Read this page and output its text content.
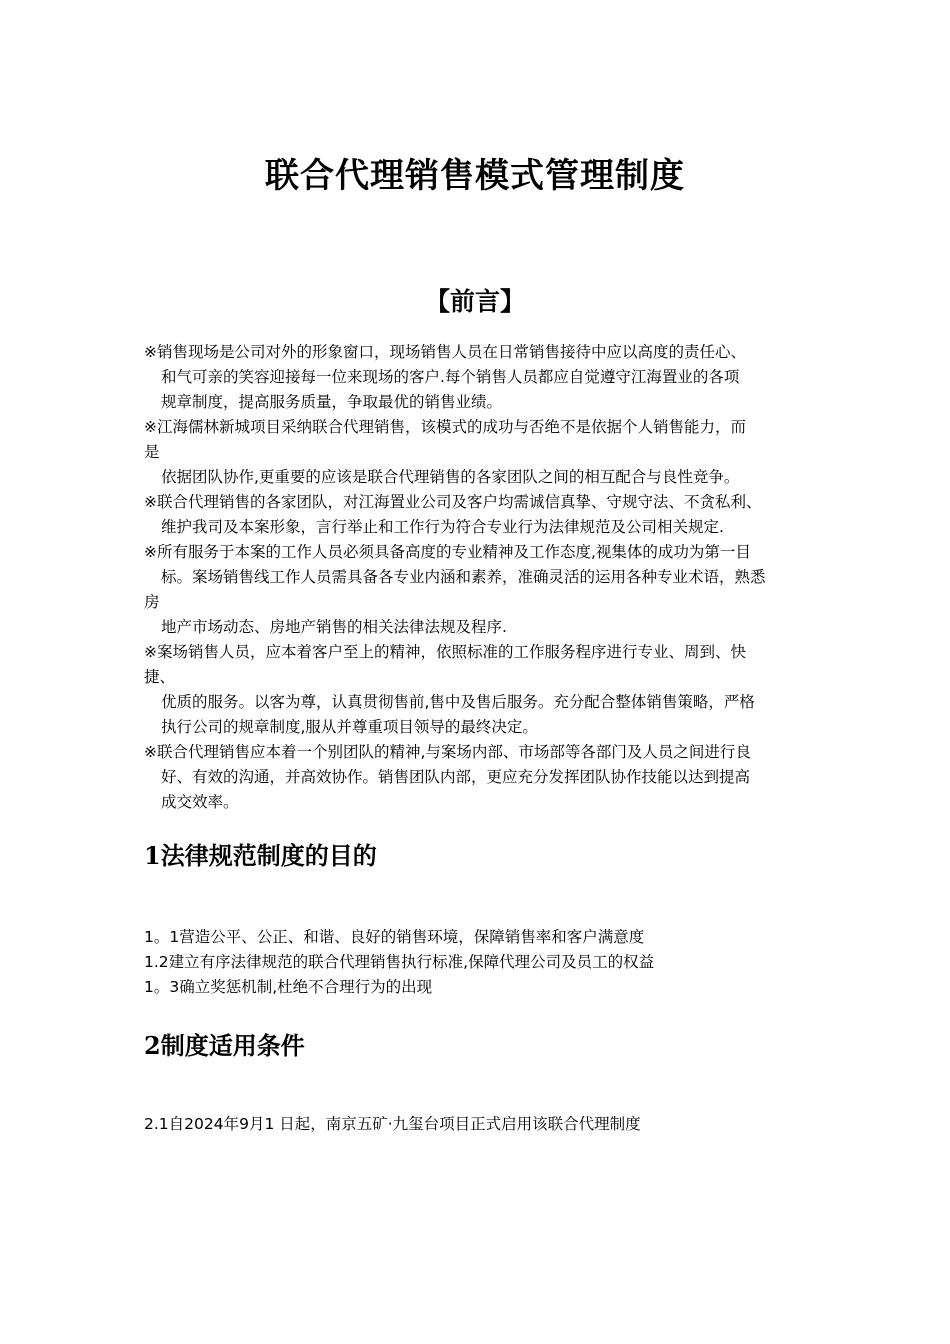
联合代理销售模式管理制度
【前言】
※销售现场是公司对外的形象窗口，现场销售人员在日常销售接待中应以高度的责任心、
和气可亲的笑容迎接每一位来现场的客户.每个销售人员都应自觉遵守江海置业的各项
规章制度，提高服务质量，争取最优的销售业绩。
※江海儒林新城项目采纳联合代理销售，该模式的成功与否绝不是依据个人销售能力，而
是
依据团队协作,更重要的应该是联合代理销售的各家团队之间的相互配合与良性竞争。
※联合代理销售的各家团队，对江海置业公司及客户均需诚信真挚、守规守法、不贪私利、
维护我司及本案形象，言行举止和工作行为符合专业行为法律规范及公司相关规定.
※所有服务于本案的工作人员必须具备高度的专业精神及工作态度,视集体的成功为第一目
标。案场销售线工作人员需具备各专业内涵和素养，准确灵活的运用各种专业术语，熟悉
房
地产市场动态、房地产销售的相关法律法规及程序.
※案场销售人员，应本着客户至上的精神，依照标准的工作服务程序进行专业、周到、快
捷、
优质的服务。以客为尊，认真贯彻售前,售中及售后服务。充分配合整体销售策略，严格
执行公司的规章制度,服从并尊重项目领导的最终决定。
※联合代理销售应本着一个别团队的精神,与案场内部、市场部等各部门及人员之间进行良
好、有效的沟通，并高效协作。销售团队内部，更应充分发挥团队协作技能以达到提高
成交效率。
1法律规范制度的目的
1。1营造公平、公正、和谐、良好的销售环境，保障销售率和客户满意度
1.2建立有序法律规范的联合代理销售执行标准,保障代理公司及员工的权益
1。3确立奖惩机制,杜绝不合理行为的出现
2制度适用条件
2.1自2024年9月1 日起，南京五矿·九玺台项目正式启用该联合代理制度
